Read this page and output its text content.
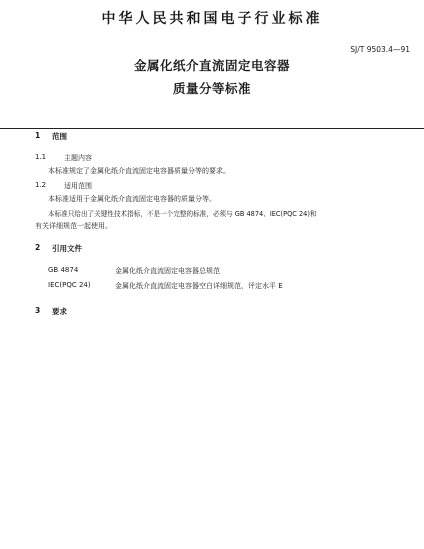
中华人民共和国电子行业标准
SJ/T 9503.4—91
金属化纸介直流固定电容器
质量分等标准
1 范围
1.1	主题内容
本标准规定了金属化纸介直流固定电容器质量分等的要求。
1.2	适用范围
本标准适用于金属化纸介直流固定电容器的质量分等。
本标准只给出了关键性技术指标，不是一个完整的标准，必须与 GB 4874、IEC(PQC 24)和
有关详细规范一起使用。
2 引用文件
GB 4874	金属化纸介直流固定电容器总规范
IEC(PQC 24)	金属化纸介直流固定电容器空白详细规范，评定水平 E
3 要求
